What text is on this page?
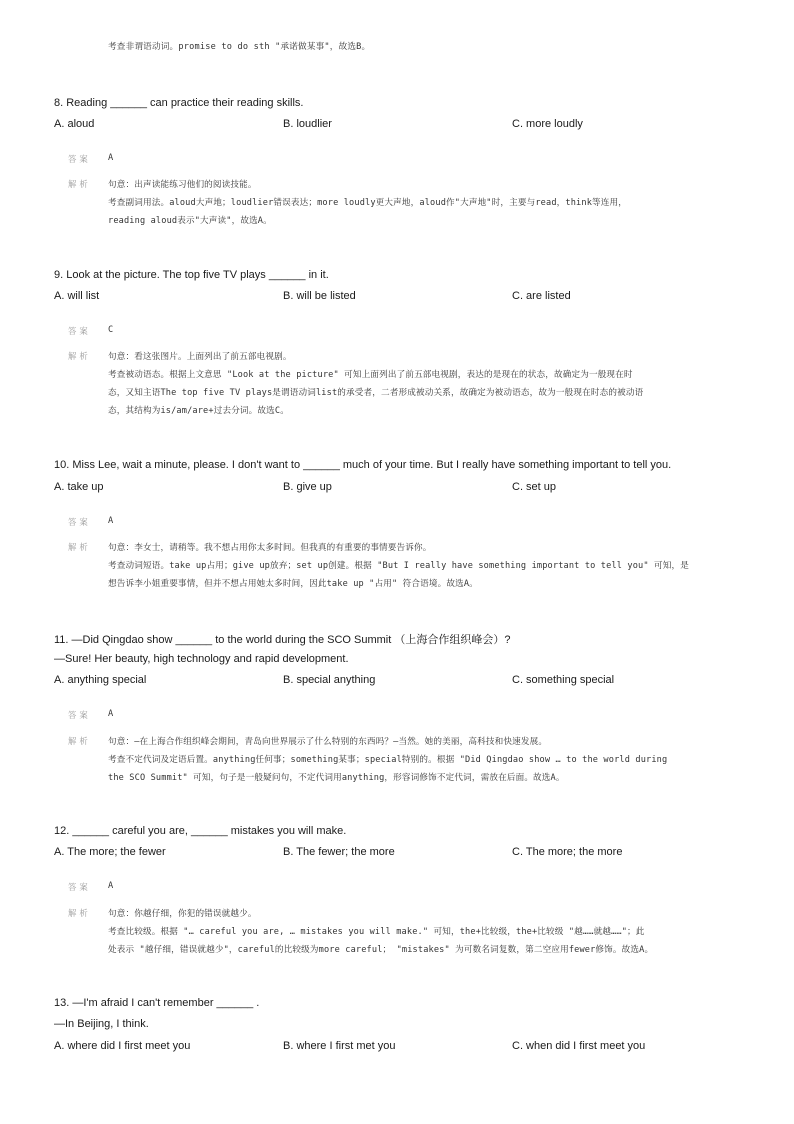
考查非谓语动词。promise to do sth "承诺做某事"，故选B。
8. Reading ______ can practice their reading skills.
A. aloud	B. loudlier	C. more loudly
答案 A
解析 句意：出声读能练习他们的阅读技能。
考查副词用法。aloud大声地；loudlier错误表达；more loudly更大声地，aloud作"大声地"时，主要与read，think等连用，
reading aloud表示"大声读"，故选A。
9. Look at the picture. The top five TV plays ______ in it.
A. will list	B. will be listed	C. are listed
答案 C
解析 句意：看这张图片。上面列出了前五部电视剧。
考查被动语态。根据上文意思 "Look at the picture" 可知上面列出了前五部电视剧，表达的是现在的状态，故确定为一般现在时
态，又知主语The top five TV plays是谓语动词list的承受者，二者形成被动关系，故确定为被动语态，故为一般现在时态的被动语
态，其结构为is/am/are+过去分词。故选C。
10. Miss Lee, wait a minute, please. I don't want to ______ much of your time. But I really have something important to tell you.
A. take up	B. give up	C. set up
答案 A
解析 句意：李女士，请稍等。我不想占用你太多时间。但我真的有重要的事情要告诉你。
考查动词短语。take up占用；give up放弃；set up创建。根据 "But I really have something important to tell you" 可知，是
想告诉李小姐重要事情，但并不想占用她太多时间，因此take up "占用" 符合语境。故选A。
11. —Did Qingdao show ______ to the world during the SCO Summit （上海合作组织峰会）?
—Sure! Her beauty, high technology and rapid development.
A. anything special	B. special anything	C. something special
答案 A
解析 句意：—在上海合作组织峰会期间，青岛向世界展示了什么特别的东西吗？—当然。她的美丽，高科技和快速发展。
考查不定代词及定语后置。anything任何事；something某事；special特别的。根据 "Did Qingdao show … to the world during
the SCO Summit" 可知，句子是一般疑问句，不定代词用anything，形容词修饰不定代词，需放在后面。故选A。
12. ______ careful you are, ______ mistakes you will make.
A. The more; the fewer	B. The fewer; the more	C. The more; the more
答案 A
解析 句意：你越仔细，你犯的错误就越少。
考查比较级。根据 "… careful you are, … mistakes you will make." 可知，the+比较级，the+比较级 "越……就越……"；此
处表示 "越仔细，错误就越少"，careful的比较级为more careful； "mistakes" 为可数名词复数，第二空应用fewer修饰。故选A。
13. —I'm afraid I can't remember ______ .
—In Beijing, I think.
A. where did I first meet you	B. where I first met you	C. when did I first meet you
